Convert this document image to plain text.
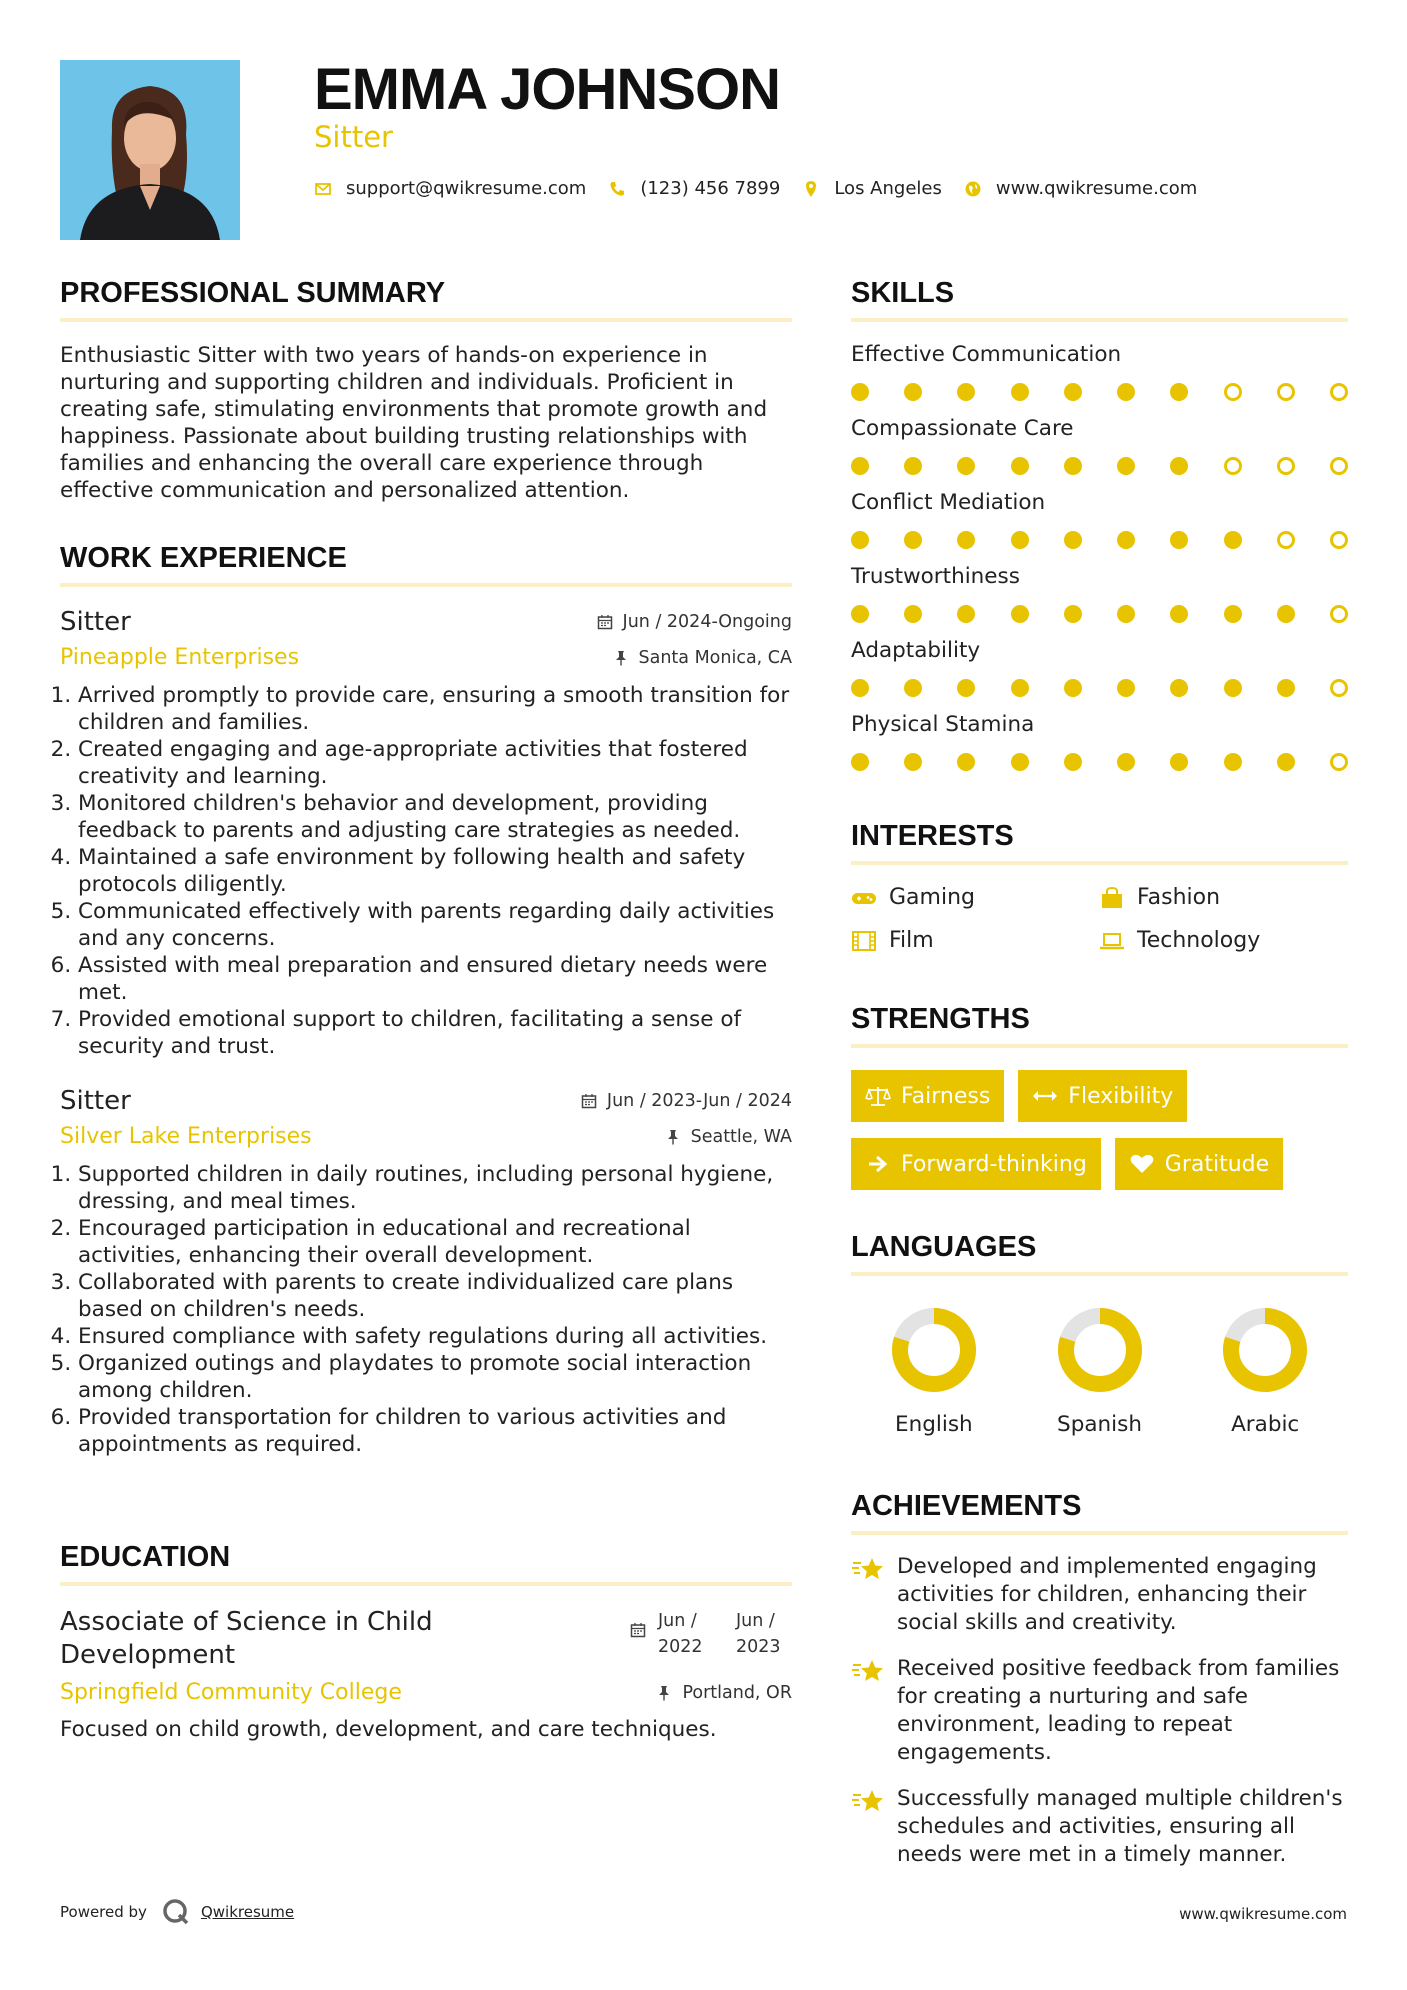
EMMA JOHNSON
Sitter
support@qwikresume.com	(123) 456 7899	Los Angeles	www.qwikresume.com
PROFESSIONAL SUMMARY
Enthusiastic Sitter with two years of hands-on experience in nurturing and supporting children and individuals. Proficient in creating safe, stimulating environments that promote growth and happiness. Passionate about building trusting relationships with families and enhancing the overall care experience through effective communication and personalized attention.
WORK EXPERIENCE
Sitter	Jun / 2024-Ongoing
Pineapple Enterprises	Santa Monica, CA
1. Arrived promptly to provide care, ensuring a smooth transition for children and families.
2. Created engaging and age-appropriate activities that fostered creativity and learning.
3. Monitored children's behavior and development, providing feedback to parents and adjusting care strategies as needed.
4. Maintained a safe environment by following health and safety protocols diligently.
5. Communicated effectively with parents regarding daily activities and any concerns.
6. Assisted with meal preparation and ensured dietary needs were met.
7. Provided emotional support to children, facilitating a sense of security and trust.
Sitter	Jun / 2023-Jun / 2024
Silver Lake Enterprises	Seattle, WA
1. Supported children in daily routines, including personal hygiene, dressing, and meal times.
2. Encouraged participation in educational and recreational activities, enhancing their overall development.
3. Collaborated with parents to create individualized care plans based on children's needs.
4. Ensured compliance with safety regulations during all activities.
5. Organized outings and playdates to promote social interaction among children.
6. Provided transportation for children to various activities and appointments as required.
EDUCATION
Associate of Science in Child Development
Jun / 2022
Jun / 2023
Springfield Community College	Portland, OR
Focused on child growth, development, and care techniques.
SKILLS
Effective Communication
Compassionate Care
Conflict Mediation
Trustworthiness
Adaptability
Physical Stamina
INTERESTS
Gaming	Fashion
Film	Technology
STRENGTHS
Fairness	Flexibility
Forward-thinking	Gratitude
LANGUAGES
English	Spanish	Arabic
ACHIEVEMENTS
Developed and implemented engaging activities for children, enhancing their social skills and creativity.
Received positive feedback from families for creating a nurturing and safe environment, leading to repeat engagements.
Successfully managed multiple children's schedules and activities, ensuring all needs were met in a timely manner.
Powered by	Qwikresume	www.qwikresume.com
